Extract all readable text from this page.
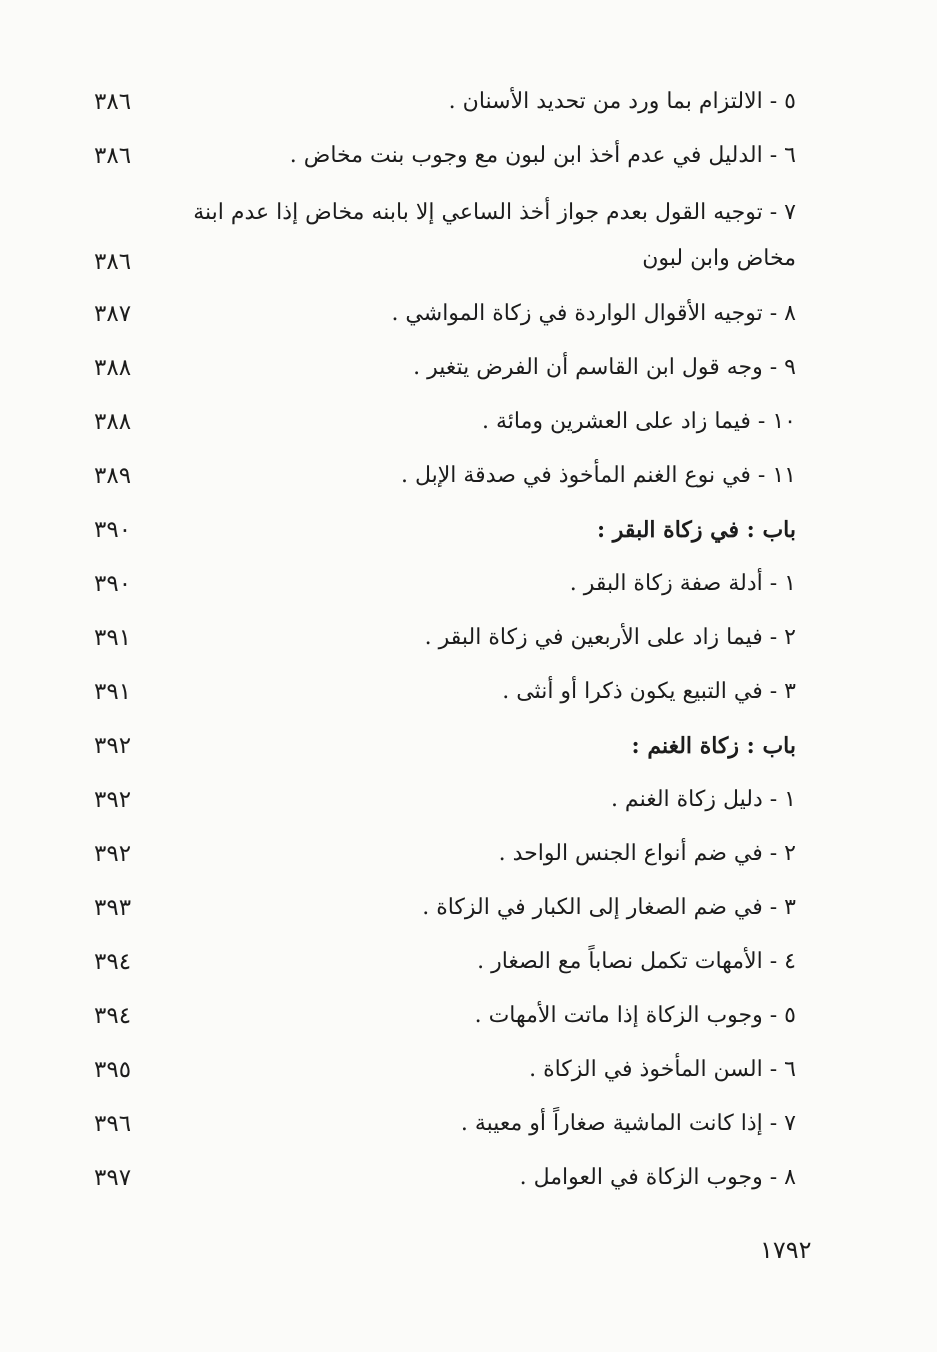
٥ - الالتزام بما ورد من تحديد الأسنان .
٣٨٦
٦ - الدليل في عدم أخذ ابن لبون مع وجوب بنت مخاض .
٣٨٦
٧ - توجيه القول بعدم جواز أخذ الساعي إلا بابنه مخاض إذا عدم ابنة مخاض وابن لبون
٣٨٦
٨ - توجيه الأقوال الواردة في زكاة المواشي .
٣٨٧
٩ - وجه قول ابن القاسم أن الفرض يتغير .
٣٨٨
١٠ - فيما زاد على العشرين ومائة .
٣٨٨
١١ - في نوع الغنم المأخوذ في صدقة الإبل .
٣٨٩
باب : في زكاة البقر :
٣٩٠
١ - أدلة صفة زكاة البقر .
٣٩٠
٢ - فيما زاد على الأربعين في زكاة البقر .
٣٩١
٣ - في التبيع يكون ذكرا أو أنثى .
٣٩١
باب : زكاة الغنم :
٣٩٢
١ - دليل زكاة الغنم .
٣٩٢
٢ - في ضم أنواع الجنس الواحد .
٣٩٢
٣ - في ضم الصغار إلى الكبار في الزكاة .
٣٩٣
٤ - الأمهات تكمل نصاباً مع الصغار .
٣٩٤
٥ - وجوب الزكاة إذا ماتت الأمهات .
٣٩٤
٦ - السن المأخوذ في الزكاة .
٣٩٥
٧ - إذا كانت الماشية صغاراً أو معيبة .
٣٩٦
٨ - وجوب الزكاة في العوامل .
٣٩٧
١٧٩٢
